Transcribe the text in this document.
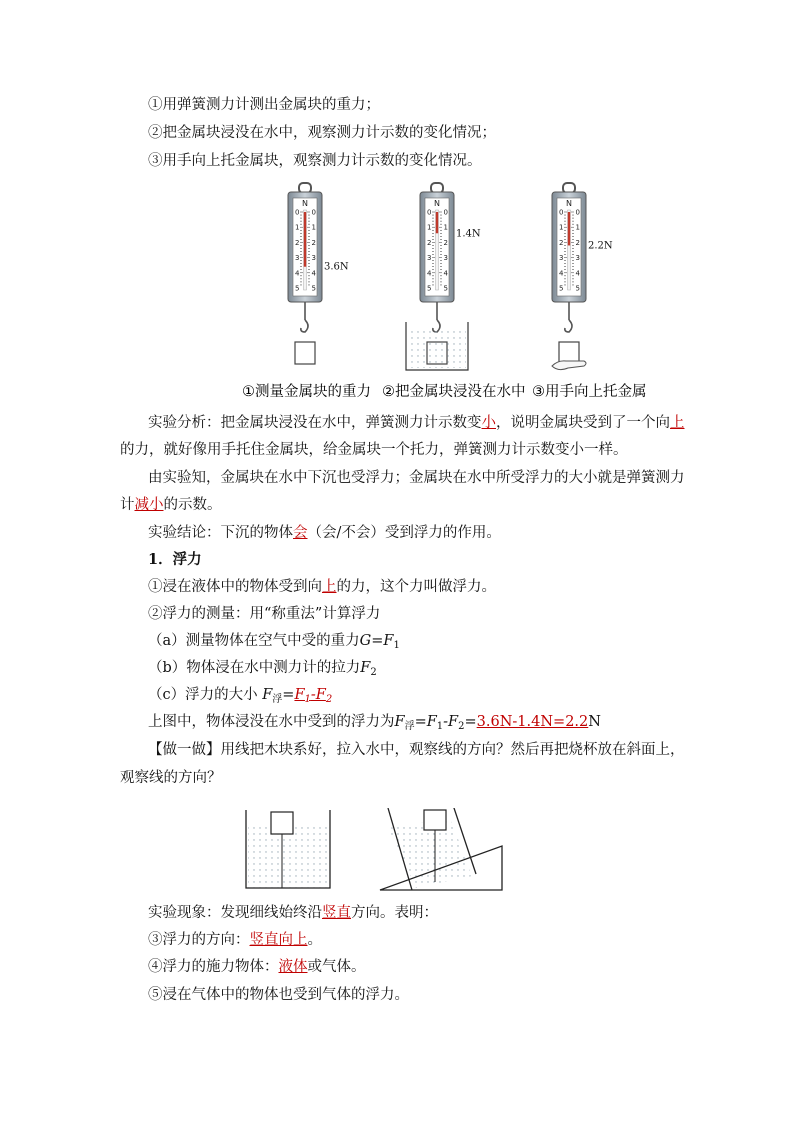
①用弹簧测力计测出金属块的重力；
②把金属块浸没在水中，观察测力计示数的变化情况；
③用手向上托金属块，观察测力计示数的变化情况。
N
0 0
1 1
2 2
3 3
4 4
5 5
3.6N
N
0 0
1 1
2 2
3 3
4 4
5 5
1.4N
N
0 0
1 1
2 2
3 3
4 4
5 5
2.2N
①测量金属块的重力 ②把金属块浸没在水中 ③用手向上托金属
实验分析：把金属块浸没在水中，弹簧测力计示数变小，说明金属块受到了一个向上
的力，就好像用手托住金属块，给金属块一个托力，弹簧测力计示数变小一样。
由实验知，金属块在水中下沉也受浮力；金属块在水中所受浮力的大小就是弹簧测力
计减小的示数。
实验结论：下沉的物体会（会/不会）受到浮力的作用。
1．浮力
①浸在液体中的物体受到向上的力，这个力叫做浮力。
②浮力的测量：用“称重法”计算浮力
（a）测量物体在空气中受的重力$G=F_1$
（b）物体浸在水中测力计的拉力$F_2$
（c）浮力的大小 $F_浮=F_1-F_2$
上图中，物体浸没在水中受到的浮力为$F_浮=F_1-F_2=3.6N-1.4N=2.2N$
【做一做】用线把木块系好，拉入水中，观察线的方向？然后再把烧杯放在斜面上，
观察线的方向？
实验现象：发现细线始终沿竖直方向。表明：
③浮力的方向：竖直向上。
④浮力的施力物体：液体或气体。
⑤浸在气体中的物体也受到气体的浮力。
